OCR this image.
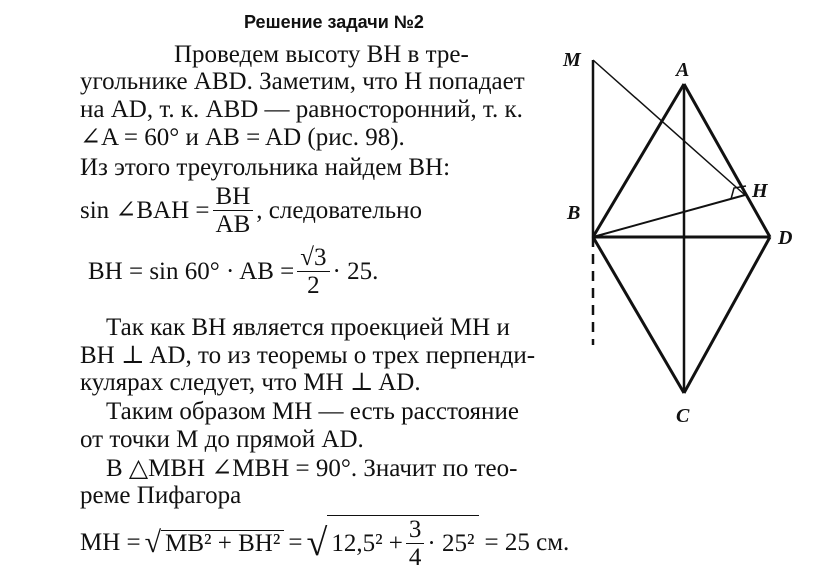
Решение задачи №2
Проведем высоту BH в тре-
угольнике ABD. Заметим, что H попадает
на AD, т. к. ABD — равносторонний, т. к.
∠A = 60° и AB = AD (рис. 98).
Из этого треугольника найдем BH:
sin ∠BAH = $\frac{BH}{AB}$ , следовательно
BH = sin 60° · AB = $\frac{√3}{2} \cdot 25$.
Так как BH является проекцией MH и
BH ⊥ AD, то из теоремы о трех перпенди-
кулярах следует, что MH ⊥ AD.
Таким образом MH — есть расстояние
от точки M до прямой AD.
В △MBH ∠MBH = 90°. Значит по тео-
реме Пифагора
MH = √ MB² + BH² = √ $12,5^2 + \frac{3}{4} \cdot 25^2 = 25$ см.
M	A
H
B
D
C
